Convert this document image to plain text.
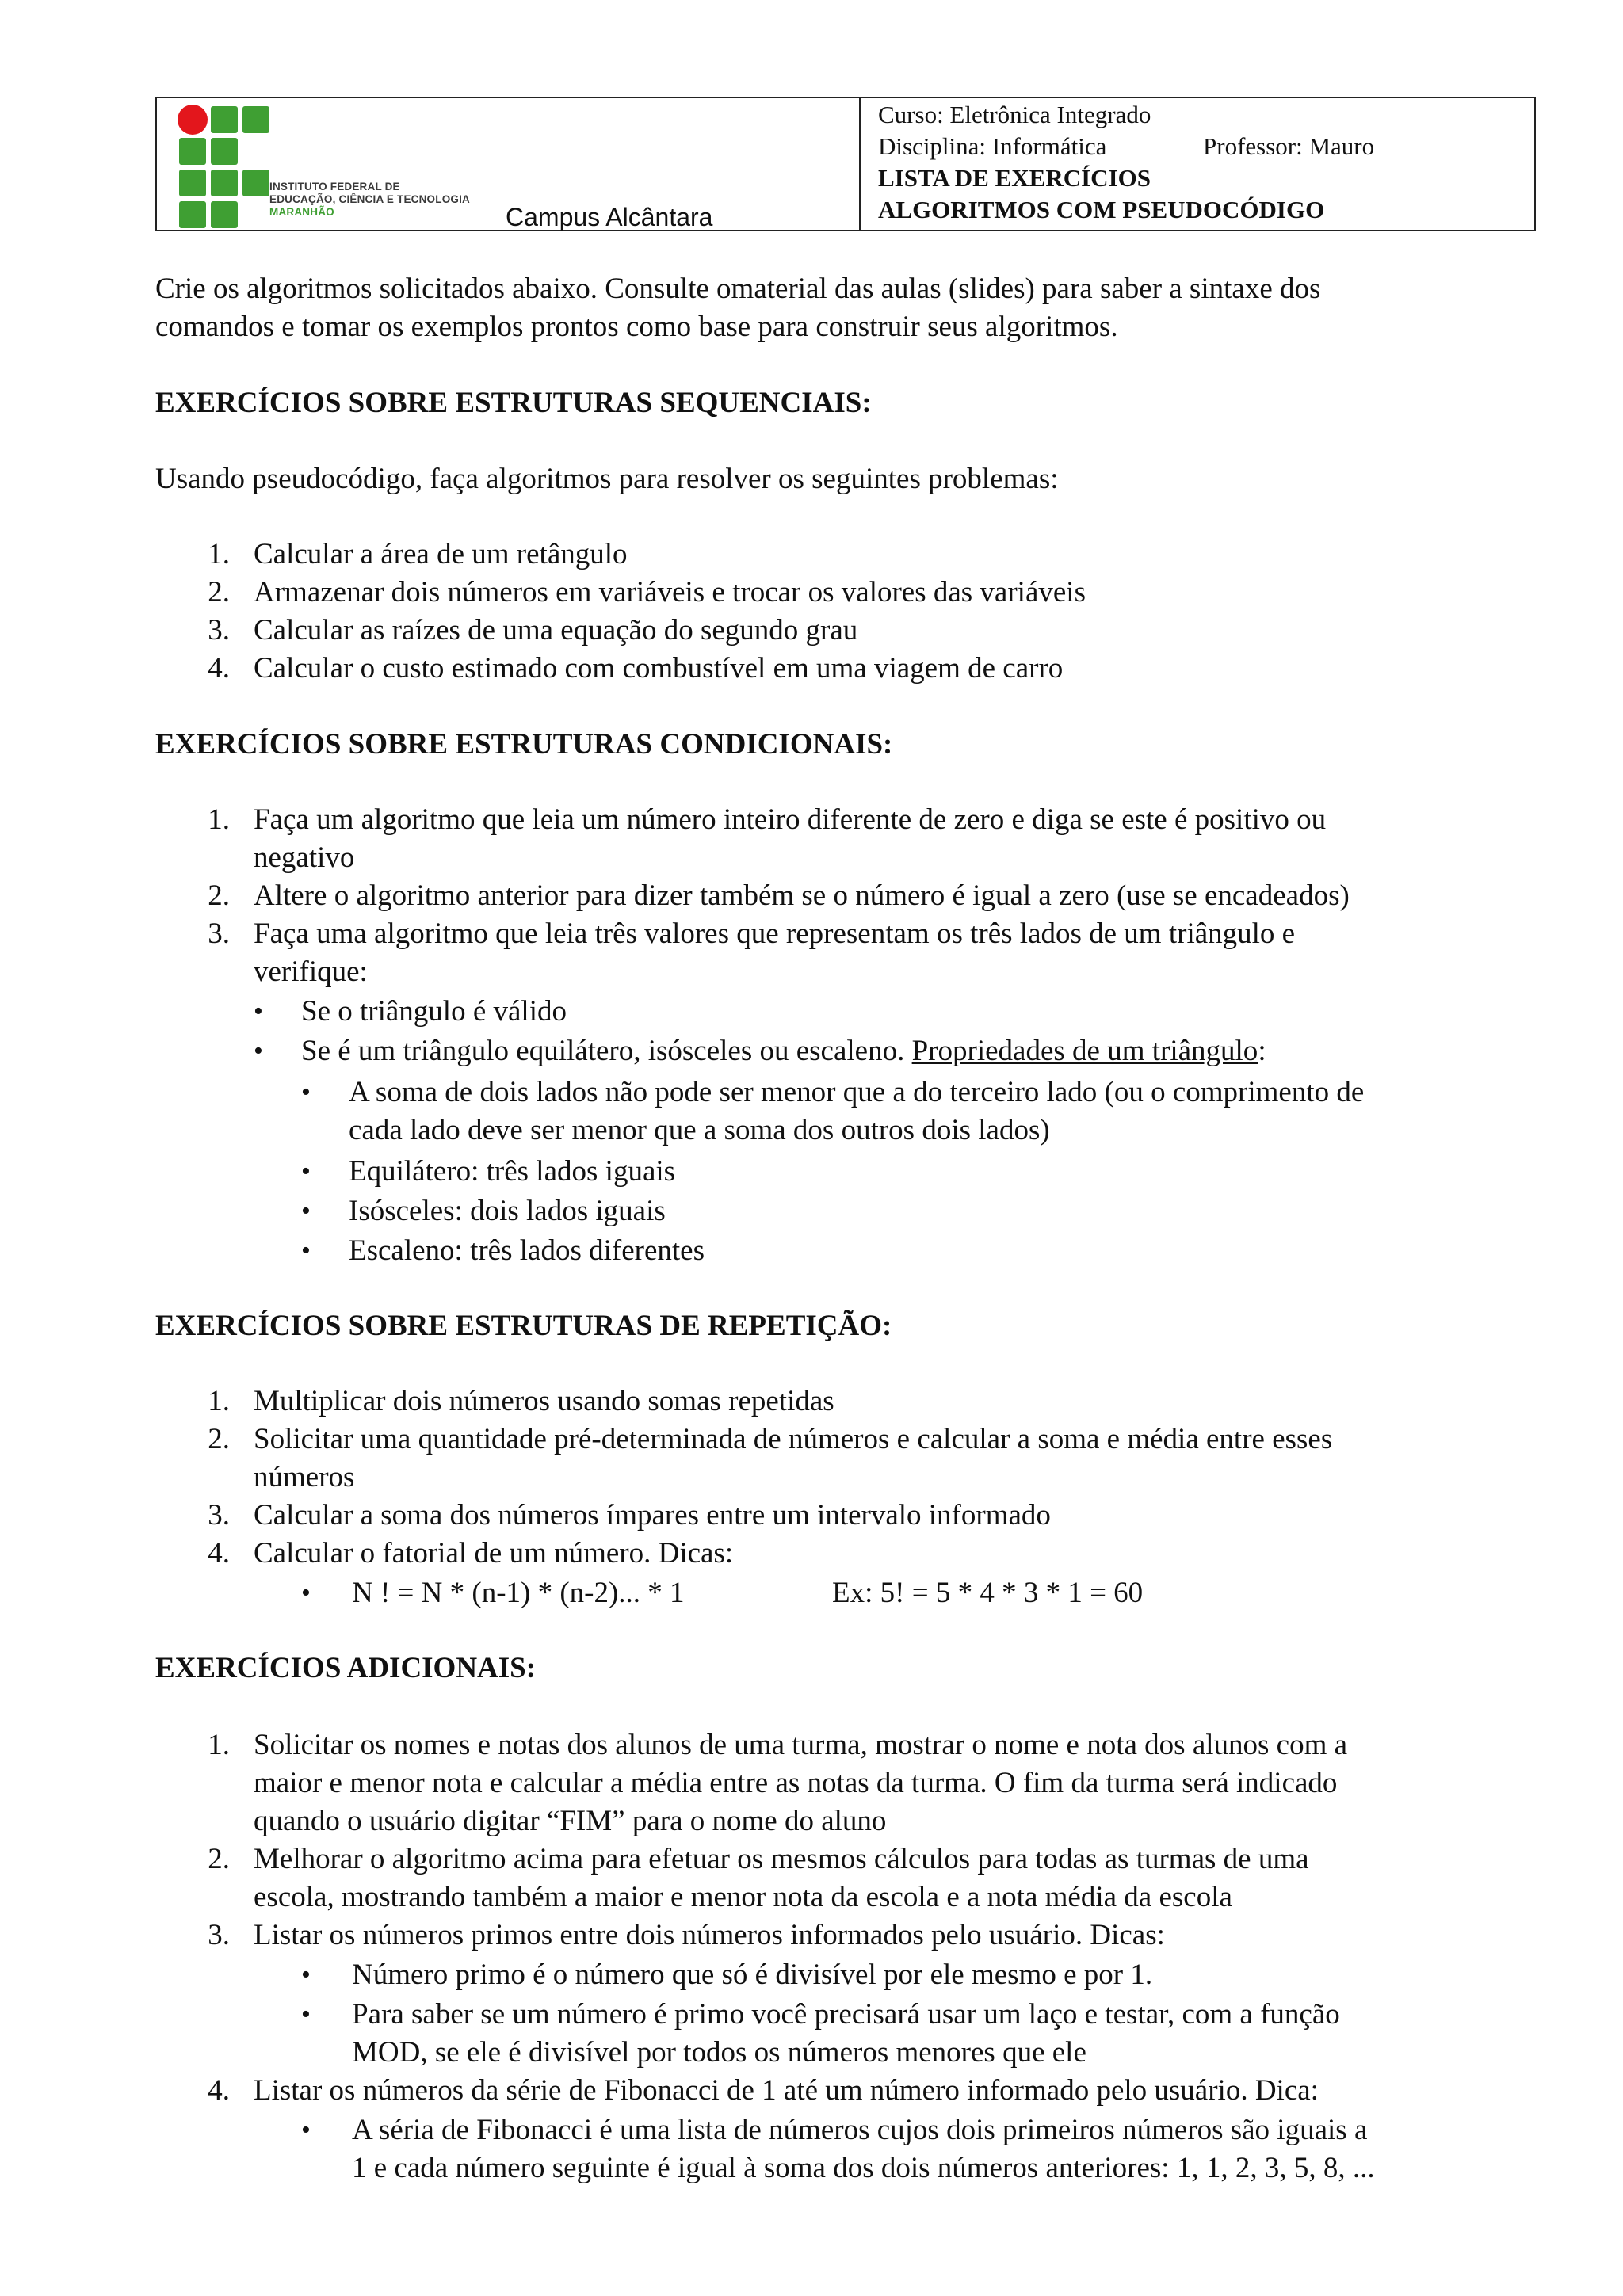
INSTITUTO FEDERAL DE
EDUCAÇÃO, CIÊNCIA E TECNOLOGIA
MARANHÃO	Campus Alcântara
Curso: Eletrônica Integrado
Disciplina: Informática	Professor: Mauro
LISTA DE EXERCÍCIOS
ALGORITMOS COM PSEUDOCÓDIGO
Crie os algoritmos solicitados abaixo. Consulte omaterial das aulas (slides) para saber a sintaxe dos
comandos e tomar os exemplos prontos como base para construir seus algoritmos.
EXERCÍCIOS SOBRE ESTRUTURAS SEQUENCIAIS:
Usando pseudocódigo, faça algoritmos para resolver os seguintes problemas:
1. Calcular a área de um retângulo
2. Armazenar dois números em variáveis e trocar os valores das variáveis
3. Calcular as raízes de uma equação do segundo grau
4. Calcular o custo estimado com combustível em uma viagem de carro
EXERCÍCIOS SOBRE ESTRUTURAS CONDICIONAIS:
1. Faça um algoritmo que leia um número inteiro diferente de zero e diga se este é positivo ou
negativo
2. Altere o algoritmo anterior para dizer também se o número é igual a zero (use se encadeados)
3. Faça uma algoritmo que leia três valores que representam os três lados de um triângulo e
verifique:
• Se o triângulo é válido
• Se é um triângulo equilátero, isósceles ou escaleno. Propriedades de um triângulo:
• A soma de dois lados não pode ser menor que a do terceiro lado (ou o comprimento de
cada lado deve ser menor que a soma dos outros dois lados)
• Equilátero: três lados iguais
• Isósceles: dois lados iguais
• Escaleno: três lados diferentes
EXERCÍCIOS SOBRE ESTRUTURAS DE REPETIÇÃO:
1. Multiplicar dois números usando somas repetidas
2. Solicitar uma quantidade pré-determinada de números e calcular a soma e média entre esses
números
3. Calcular a soma dos números ímpares entre um intervalo informado
4. Calcular o fatorial de um número. Dicas:
• N ! = N * (n-1) * (n-2)... * 1	Ex: 5! = 5 * 4 * 3 * 1 = 60
EXERCÍCIOS ADICIONAIS:
1. Solicitar os nomes e notas dos alunos de uma turma, mostrar o nome e nota dos alunos com a
maior e menor nota e calcular a média entre as notas da turma. O fim da turma será indicado
quando o usuário digitar “FIM” para o nome do aluno
2. Melhorar o algoritmo acima para efetuar os mesmos cálculos para todas as turmas de uma
escola, mostrando também a maior e menor nota da escola e a nota média da escola
3. Listar os números primos entre dois números informados pelo usuário. Dicas:
• Número primo é o número que só é divisível por ele mesmo e por 1.
• Para saber se um número é primo você precisará usar um laço e testar, com a função
MOD, se ele é divisível por todos os números menores que ele
4. Listar os números da série de Fibonacci de 1 até um número informado pelo usuário. Dica:
• A séria de Fibonacci é uma lista de números cujos dois primeiros números são iguais a
1 e cada número seguinte é igual à soma dos dois números anteriores: 1, 1, 2, 3, 5, 8, ...
